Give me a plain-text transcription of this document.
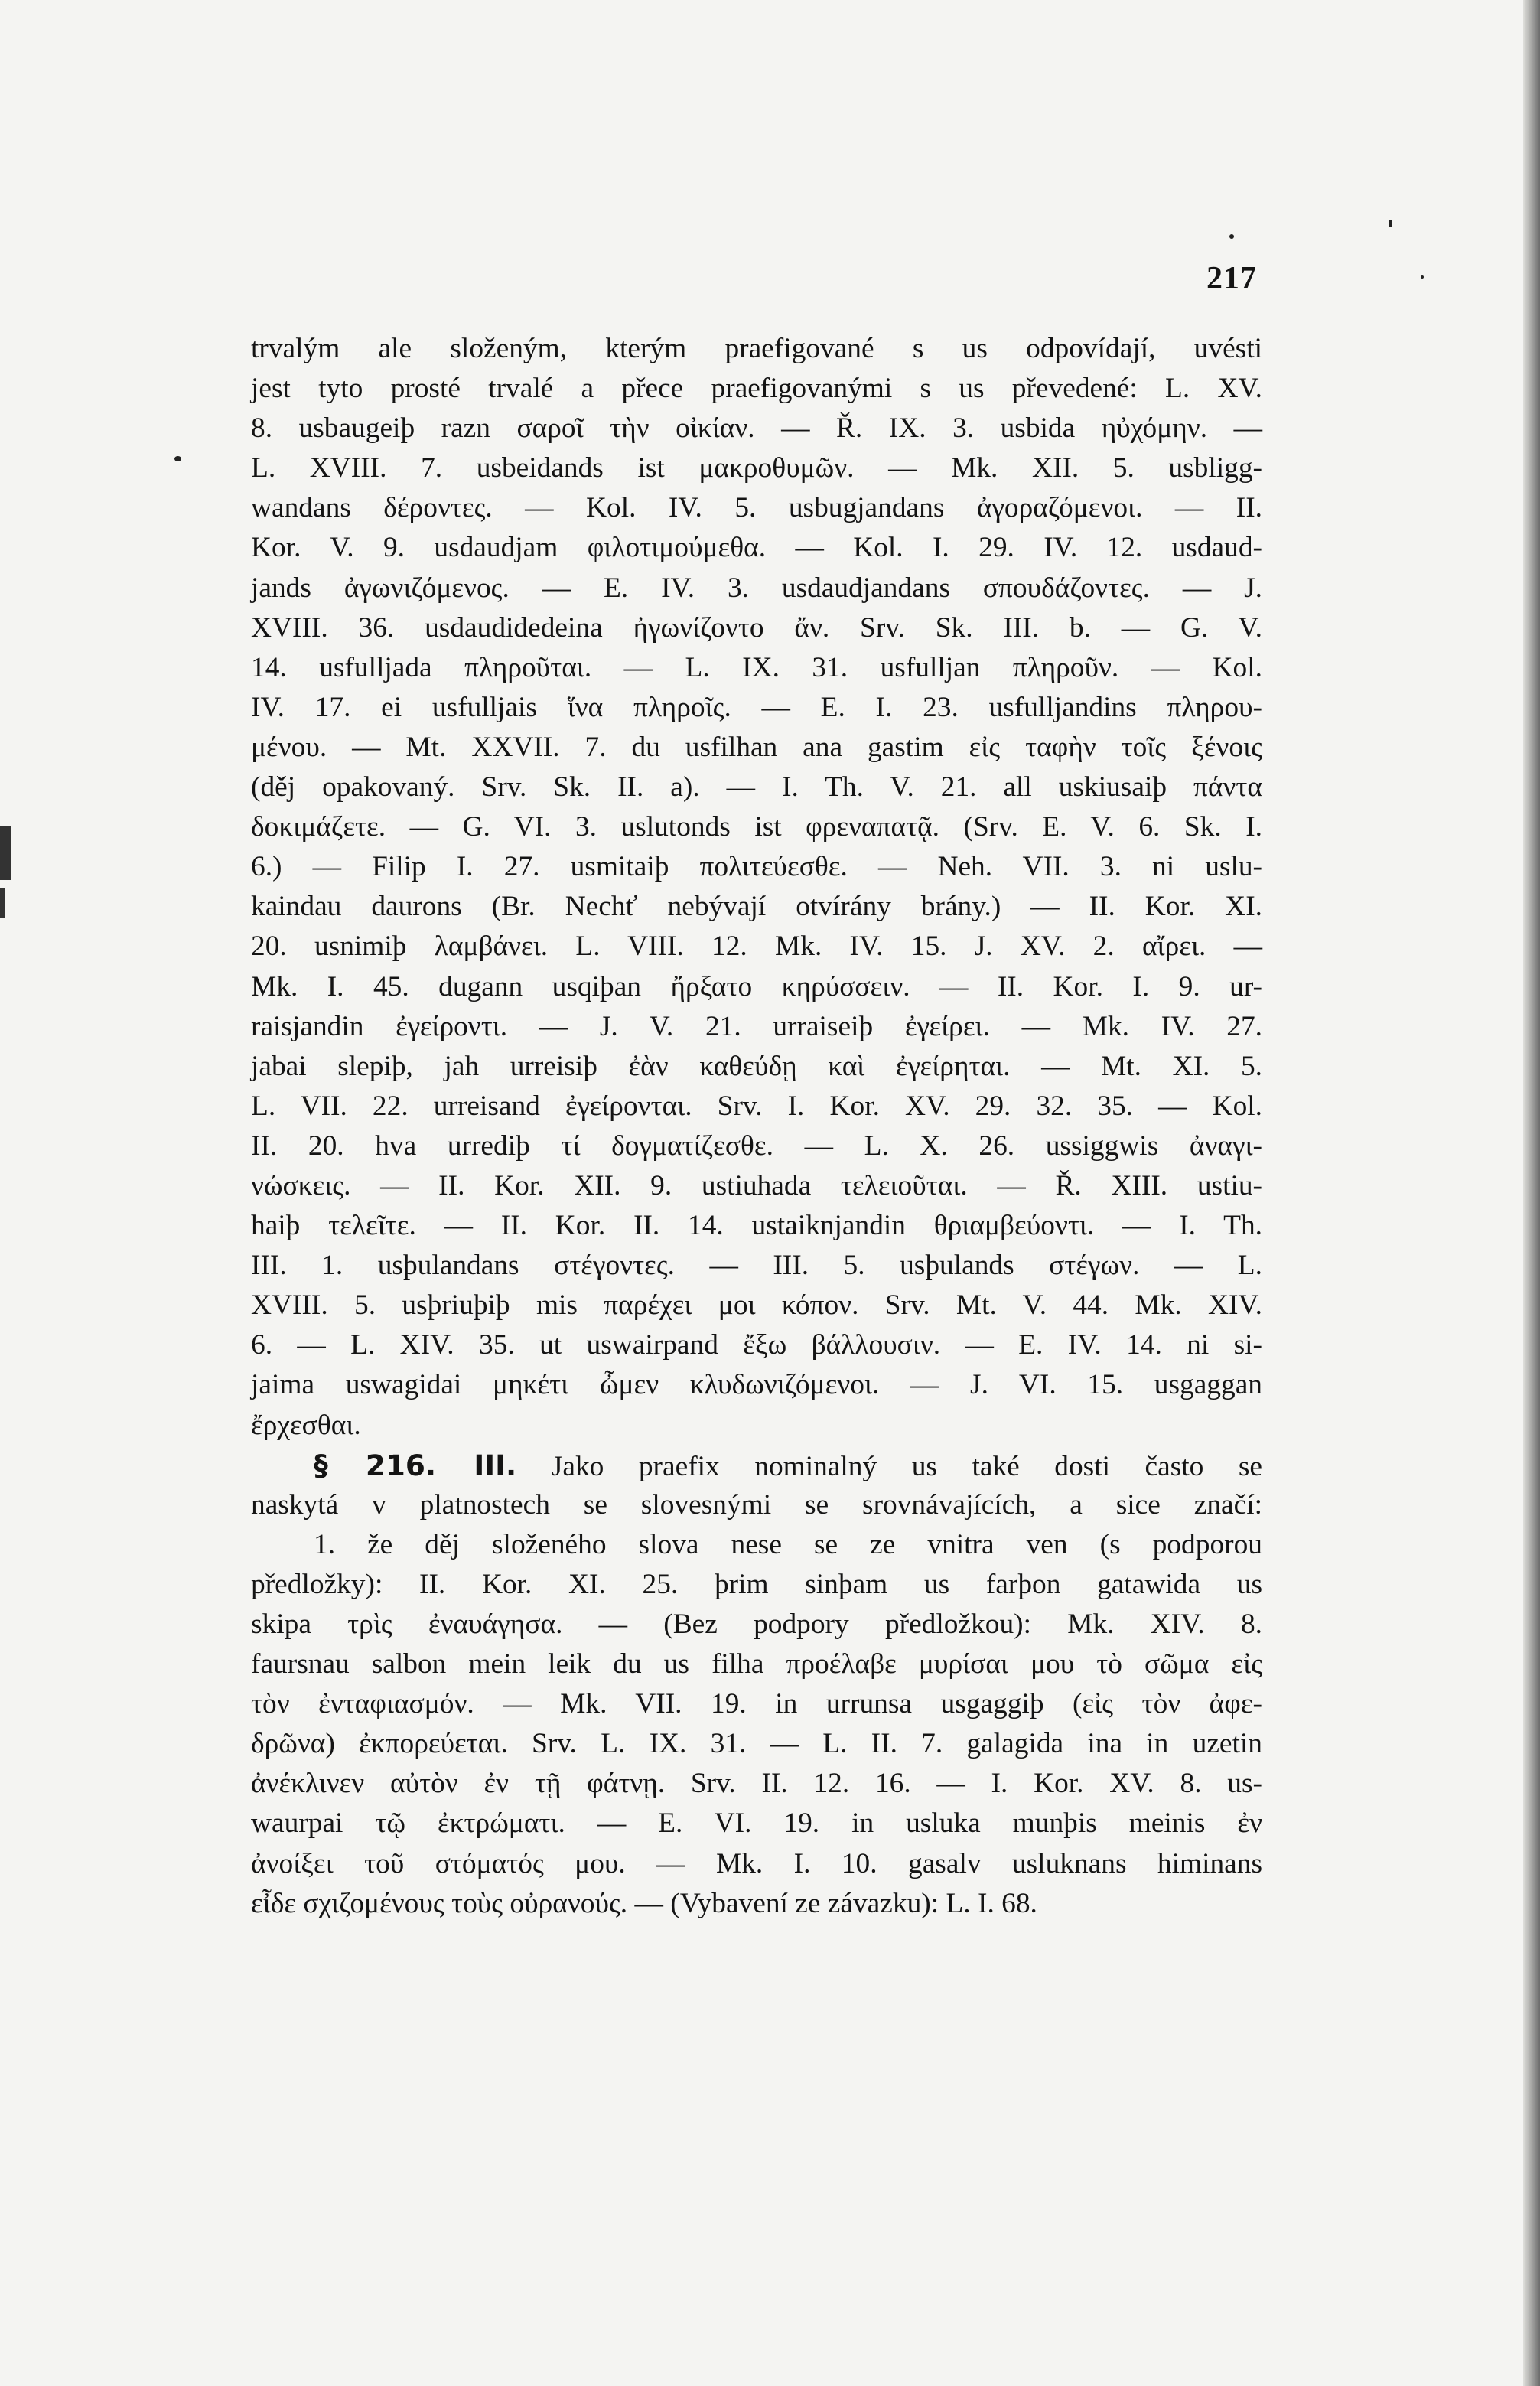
217
trvalým ale složeným, kterým praefigované s us odpovídají, uvésti
jest tyto prosté trvalé a přece praefigovanými s us převedené: L. XV.
8. usbaugeiþ razn σαροῖ τὴν οἰκίαν. — Ř. IX. 3. usbida ηὐχόμην. —
L. XVIII. 7. usbeidands ist μακροθυμῶν. — Mk. XII. 5. usbligg-
wandans δέροντες. — Kol. IV. 5. usbugjandans ἀγοραζόμενοι. — II.
Kor. V. 9. usdaudjam φιλοτιμούμεθα. — Kol. I. 29. IV. 12. usdaud-
jands ἀγωνιζόμενος. — E. IV. 3. usdaudjandans σπουδάζοντες. — J.
XVIII. 36. usdaudidedeina ἠγωνίζοντο ἄν. Srv. Sk. III. b. — G. V.
14. usfulljada πληροῦται. — L. IX. 31. usfulljan πληροῦν. — Kol.
IV. 17. ei usfulljais ἵνα πληροῖς. — E. I. 23. usfulljandins πληρου-
μένου. — Mt. XXVII. 7. du usfilhan ana gastim εἰς ταφὴν τοῖς ξένοις
(děj opakovaný. Srv. Sk. II. a). — I. Th. V. 21. all uskiusaiþ πάντα
δοκιμάζετε. — G. VI. 3. uslutonds ist φρεναπατᾷ. (Srv. E. V. 6. Sk. I.
6.) — Filip I. 27. usmitaiþ πολιτεύεσθε. — Neh. VII. 3. ni uslu-
kaindau daurons (Br. Nechť nebývají otvírány brány.) — II. Kor. XI.
20. usnimiþ λαμβάνει. L. VIII. 12. Mk. IV. 15. J. XV. 2. αἴρει. —
Mk. I. 45. dugann usqiþan ἤρξατο κηρύσσειν. — II. Kor. I. 9. ur-
raisjandin ἐγείροντι. — J. V. 21. urraiseiþ ἐγείρει. — Mk. IV. 27.
jabai slepiþ, jah urreisiþ ἐὰν καθεύδῃ καὶ ἐγείρηται. — Mt. XI. 5.
L. VII. 22. urreisand ἐγείρονται. Srv. I. Kor. XV. 29. 32. 35. — Kol.
II. 20. hva urrediþ τί δογματίζεσθε. — L. X. 26. ussiggwis ἀναγι-
νώσκεις. — II. Kor. XII. 9. ustiuhada τελειοῦται. — Ř. XIII. ustiu-
haiþ τελεῖτε. — II. Kor. II. 14. ustaiknjandin θριαμβεύοντι. — I. Th.
III. 1. usþulandans στέγοντες. — III. 5. usþulands στέγων. — L.
XVIII. 5. usþriuþiþ mis παρέχει μοι κόπον. Srv. Mt. V. 44. Mk. XIV.
6. — L. XIV. 35. ut uswairpand ἔξω βάλλουσιν. — E. IV. 14. ni si-
jaima uswagidai μηκέτι ὦμεν κλυδωνιζόμενοι. — J. VI. 15. usgaggan
ἔρχεσθαι.
§ 216. III. Jako praefix nominalný us také dosti často se
naskytá v platnostech se slovesnými se srovnávajících, a sice značí:
1. že děj složeného slova nese se ze vnitra ven (s podporou
předložky): II. Kor. XI. 25. þrim sinþam us farþon gatawida us
skipa τρὶς ἐναυάγησα. — (Bez podpory předložkou): Mk. XIV. 8.
faursnau salbon mein leik du us filha προέλαβε μυρίσαι μου τὸ σῶμα εἰς
τὸν ἐνταφιασμόν. — Mk. VII. 19. in urrunsa usgaggiþ (εἰς τὸν ἀφε-
δρῶνα) ἐκπορεύεται. Srv. L. IX. 31. — L. II. 7. galagida ina in uzetin
ἀνέκλινεν αὐτὸν ἐν τῇ φάτνῃ. Srv. II. 12. 16. — I. Kor. XV. 8. us-
waurpai τῷ ἐκτρώματι. — E. VI. 19. in usluka munþis meinis ἐν
ἀνοίξει τοῦ στόματός μου. — Mk. I. 10. gasalv usluknans himinans
εἶδε σχιζομένους τοὺς οὐρανούς. — (Vybavení ze závazku): L. I. 68.
